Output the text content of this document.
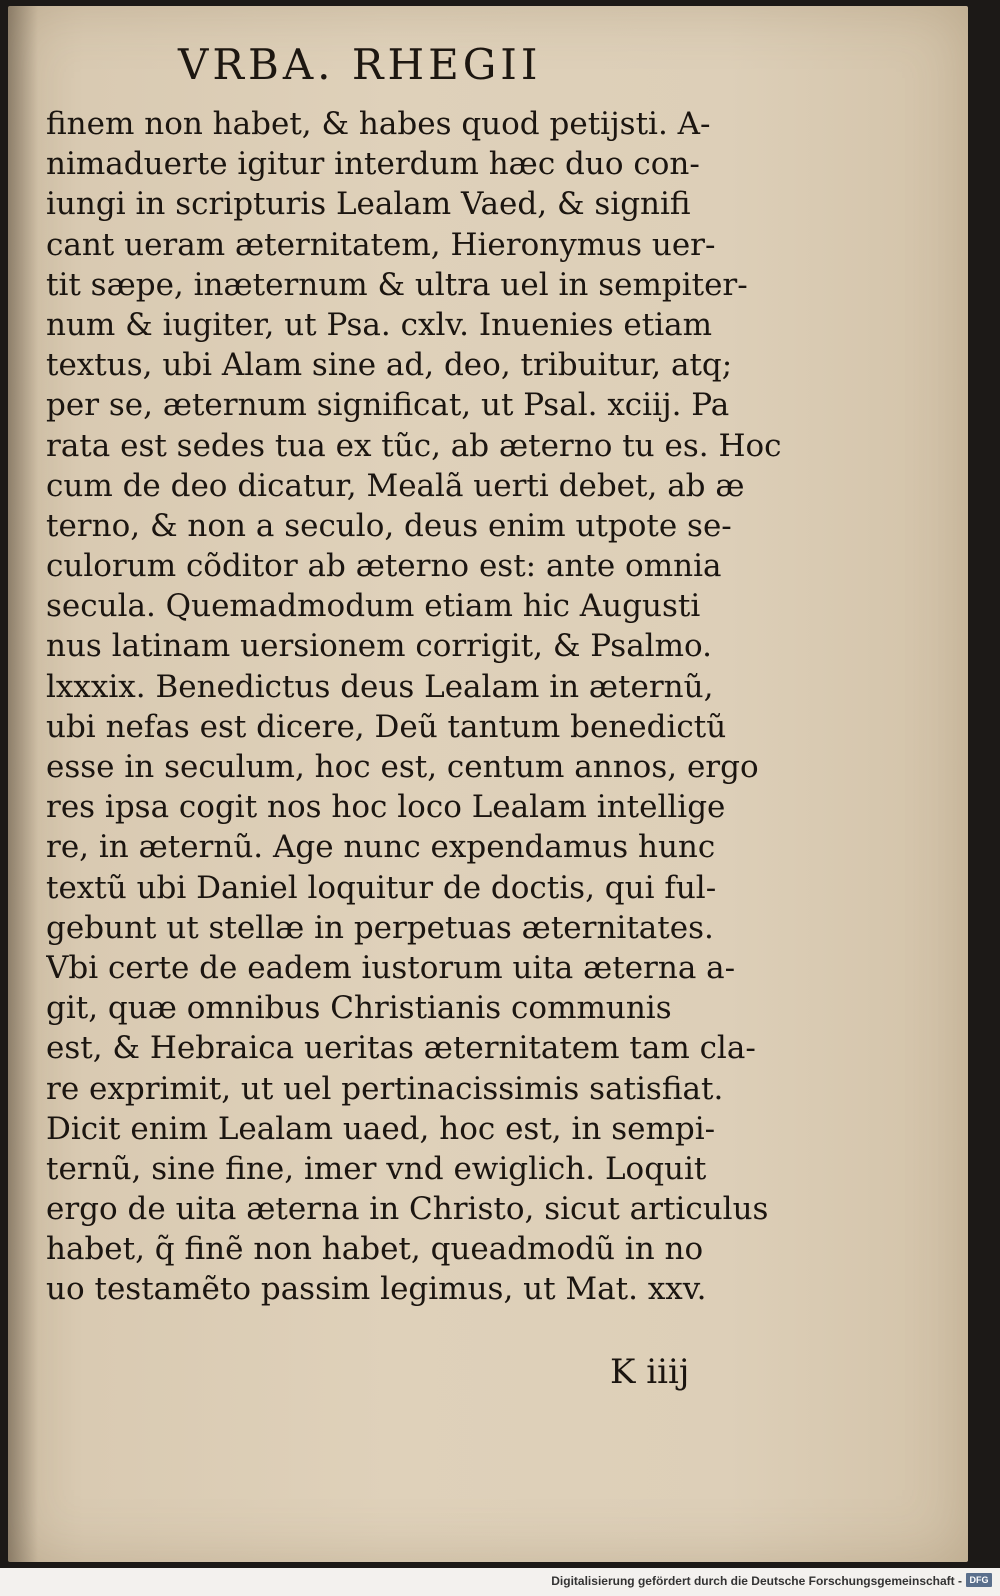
VRBA. RHEGII
finem non habet, & habes quod petijsti. A-
nimaduerte igitur interdum hæc duo con-
iungi in scripturis Lealam Vaed, & signifi
cant ueram æternitatem, Hieronymus uer-
tit sæpe, inæternum & ultra uel in sempiter-
num & iugiter, ut Psa. cxlv. Inuenies etiam
textus, ubi Alam sine ad, deo, tribuitur, atq;
per se, æternum significat, ut Psal. xciij. Pa
rata est sedes tua ex tũc, ab æterno tu es. Hoc
cum de deo dicatur, Mealã uerti debet, ab æ
terno, & non a seculo, deus enim utpote se-
culorum cõditor ab æterno est: ante omnia
secula. Quemadmodum etiam hic Augusti
nus latinam uersionem corrigit, & Psalmo.
lxxxix. Benedictus deus Lealam in æternũ,
ubi nefas est dicere, Deũ tantum benedictũ
esse in seculum, hoc est, centum annos, ergo
res ipsa cogit nos hoc loco Lealam intellige
re, in æternũ. Age nunc expendamus hunc
textũ ubi Daniel loquitur de doctis, qui ful-
gebunt ut stellæ in perpetuas æternitates.
Vbi certe de eadem iustorum uita æterna a-
git, quæ omnibus Christianis communis
est, & Hebraica ueritas æternitatem tam cla-
re exprimit, ut uel pertinacissimis satisfiat.
Dicit enim Lealam uaed, hoc est, in sempi-
ternũ, sine fine, imer vnd ewiglich. Loquit
ergo de uita æterna in Christo, sicut articulus
habet, q̃ finẽ non habet, queadmodũ in no
uo testamẽto passim legimus, ut Mat. xxv.
K iiij
Digitalisierung gefördert durch die Deutsche Forschungsgemeinschaft - DFG
